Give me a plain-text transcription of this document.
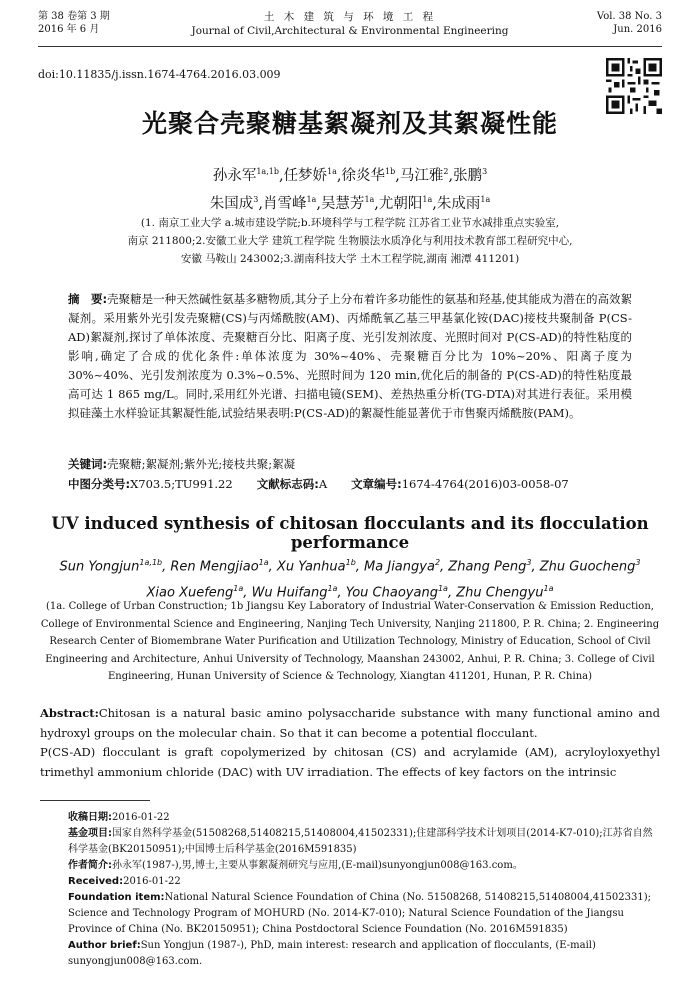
第 38 卷第 3 期
2016 年 6 月
土 木 建 筑 与 环 境 工 程
Journal of Civil,Architectural & Environmental Engineering
Vol. 38 No. 3
Jun. 2016
doi:10.11835/j.issn.1674-4764.2016.03.009
光聚合壳聚糖基絮凝剂及其絮凝性能
孙永军$^{1a,1b}$,任梦娇$^{1a}$,徐炎华$^{1b}$,马江雅$^2$,张鹏$^3$
朱国成$^3$,肖雪峰$^{1a}$,吴慧芳$^{1a}$,尤朝阳$^{1a}$,朱成雨$^{1a}$
(1. 南京工业大学 a.城市建设学院;b.环境科学与工程学院 江苏省工业节水减排重点实验室,
南京 211800;2.安徽工业大学 建筑工程学院 生物膜法水质净化与利用技术教育部工程研究中心,
安徽 马鞍山 243002;3.湖南科技大学 土木工程学院,湖南 湘潭 411201)
摘　要:壳聚糖是一种天然碱性氨基多糖物质,其分子上分布着许多功能性的氨基和羟基,使其能成为潜在的高效絮凝剂。采用紫外光引发壳聚糖(CS)与丙烯酰胺(AM)、丙烯酰氧乙基三甲基氯化铵(DAC)接枝共聚制备 P(CS-AD)絮凝剂,探讨了单体浓度、壳聚糖百分比、阳离子度、光引发剂浓度、光照时间对 P(CS-AD)的特性粘度的影响,确定了合成的优化条件:单体浓度为 30%~40%、壳聚糖百分比为 10%~20%、阳离子度为 30%~40%、光引发剂浓度为 0.3%~0.5%、光照时间为 120 min,优化后的制备的 P(CS-AD)的特性粘度最高可达 1 865 mg/L。同时,采用红外光谱、扫描电镜(SEM)、差热热重分析(TG-DTA)对其进行表征。采用模拟硅藻土水样验证其絮凝性能,试验结果表明:P(CS-AD)的絮凝性能显著优于市售聚丙烯酰胺(PAM)。
关键词:壳聚糖;絮凝剂;紫外光;接枝共聚;絮凝
中图分类号:X703.5;TU991.22 文献标志码:A 文章编号:1674-4764(2016)03-0058-07
UV induced synthesis of chitosan flocculants and its flocculation performance
Sun Yongjun$^{1a,1b}$, Ren Mengjiao$^{1a}$, Xu Yanhua$^{1b}$, Ma Jiangya$^2$, Zhang Peng$^3$, Zhu Guocheng$^3$
Xiao Xuefeng$^{1a}$, Wu Huifang$^{1a}$, You Chaoyang$^{1a}$, Zhu Chengyu$^{1a}$
(1a. College of Urban Construction; 1b Jiangsu Key Laboratory of Industrial Water-Conservation & Emission Reduction, College of Environmental Science and Engineering, Nanjing Tech University, Nanjing 211800, P. R. China; 2. Engineering Research Center of Biomembrane Water Purification and Utilization Technology, Ministry of Education, School of Civil Engineering and Architecture, Anhui University of Technology, Maanshan 243002, Anhui, P. R. China; 3. College of Civil Engineering, Hunan University of Science & Technology, Xiangtan 411201, Hunan, P. R. China)
Abstract:Chitosan is a natural basic amino polysaccharide substance with many functional amino and hydroxyl groups on the molecular chain. So that it can become a potential flocculant.
P(CS-AD) flocculant is graft copolymerized by chitosan (CS) and acrylamide (AM), acryloyloxyethyl trimethyl ammonium chloride (DAC) with UV irradiation. The effects of key factors on the intrinsic
收稿日期:2016-01-22
基金项目:国家自然科学基金(51508268,51408215,51408004,41502331);住建部科学技术计划项目(2014-K7-010);江苏省自然科学基金(BK20150951);中国博士后科学基金(2016M591835)
作者简介:孙永军(1987-),男,博士,主要从事絮凝剂研究与应用,(E-mail)sunyongjun008@163.com。
Received:2016-01-22
Foundation item:National Natural Science Foundation of China (No. 51508268, 51408215,51408004,41502331); Science and Technology Program of MOHURD (No. 2014-K7-010); Natural Science Foundation of the Jiangsu Province of China (No. BK20150951); China Postdoctoral Science Foundation (No. 2016M591835)
Author brief:Sun Yongjun (1987-), PhD, main interest: research and application of flocculants, (E-mail) sunyongjun008@163.com.
